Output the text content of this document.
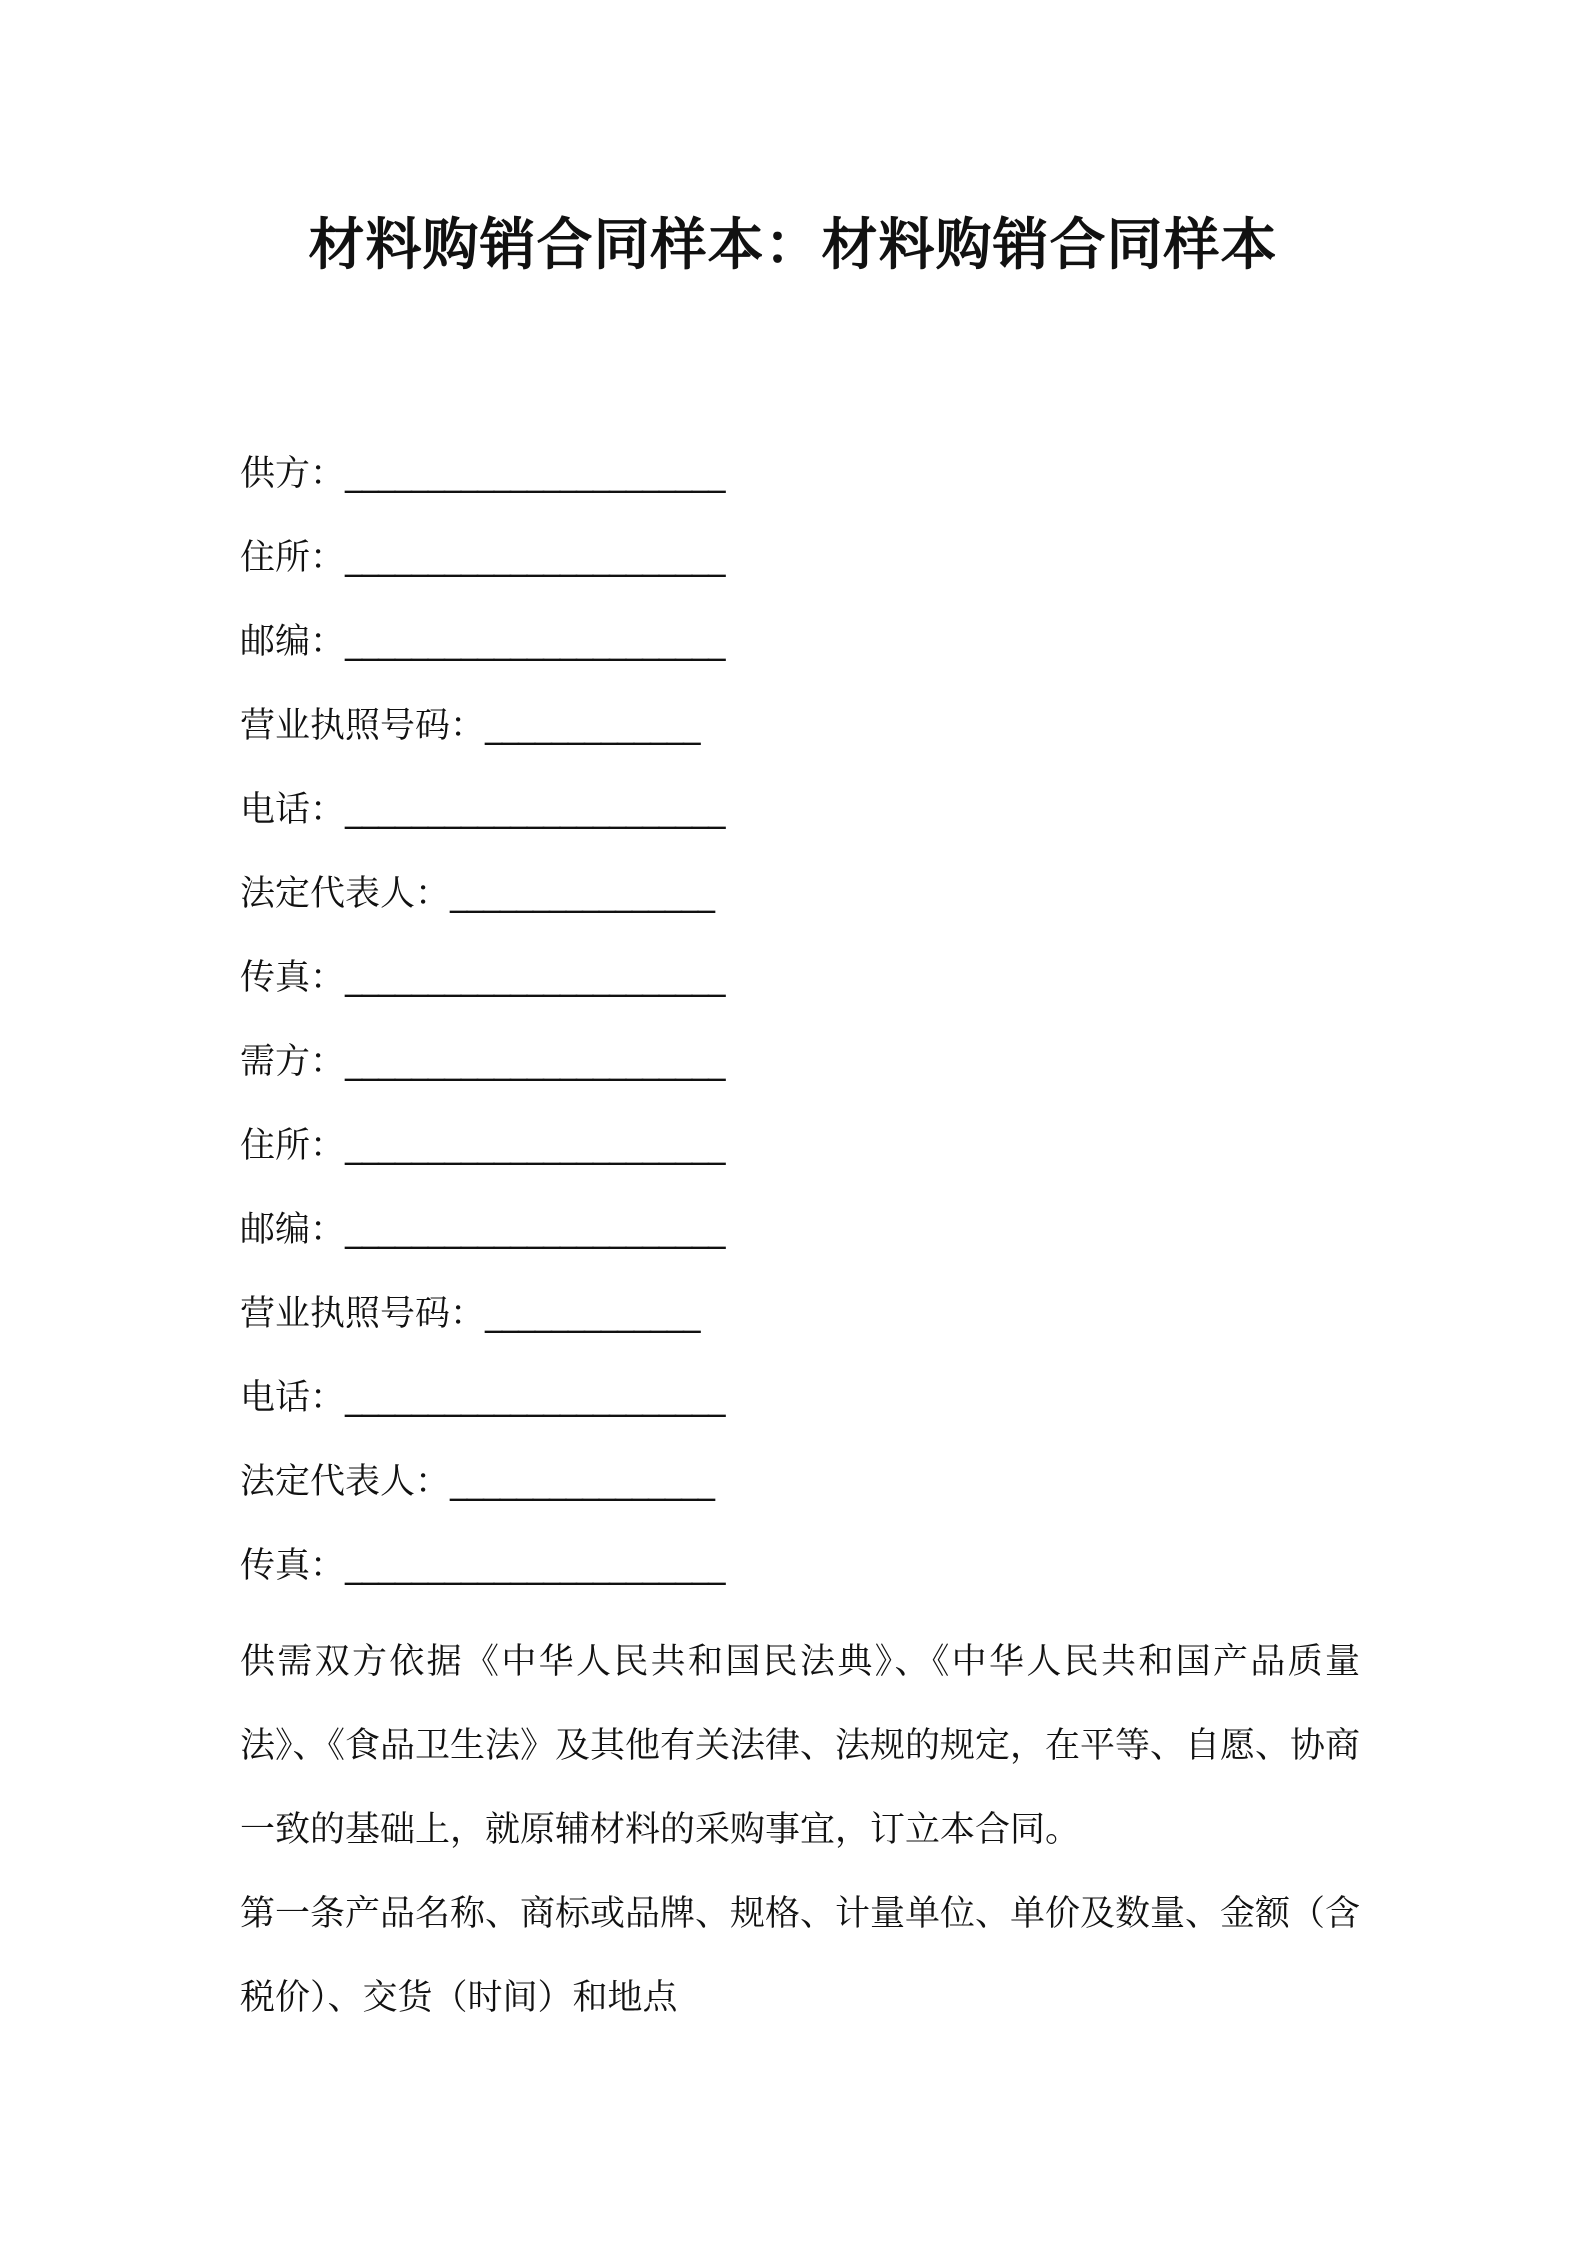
材料购销合同样本：材料购销合同样本
供方：_______________________
住所：_______________________
邮编：_______________________
营业执照号码：_____________
电话：_______________________
法定代表人：________________
传真：_______________________
需方：_______________________
住所：_______________________
邮编：_______________________
营业执照号码：_____________
电话：_______________________
法定代表人：________________
传真：_______________________

供需双方依据《中华人民共和国民法典》、《中华人民共和国产品质量法》、《食品卫生法》及其他有关法律、法规的规定，在平等、自愿、协商一致的基础上，就原辅材料的采购事宜，订立本合同。

第一条产品名称、商标或品牌、规格、计量单位、单价及数量、金额（含税价）、交货（时间）和地点
